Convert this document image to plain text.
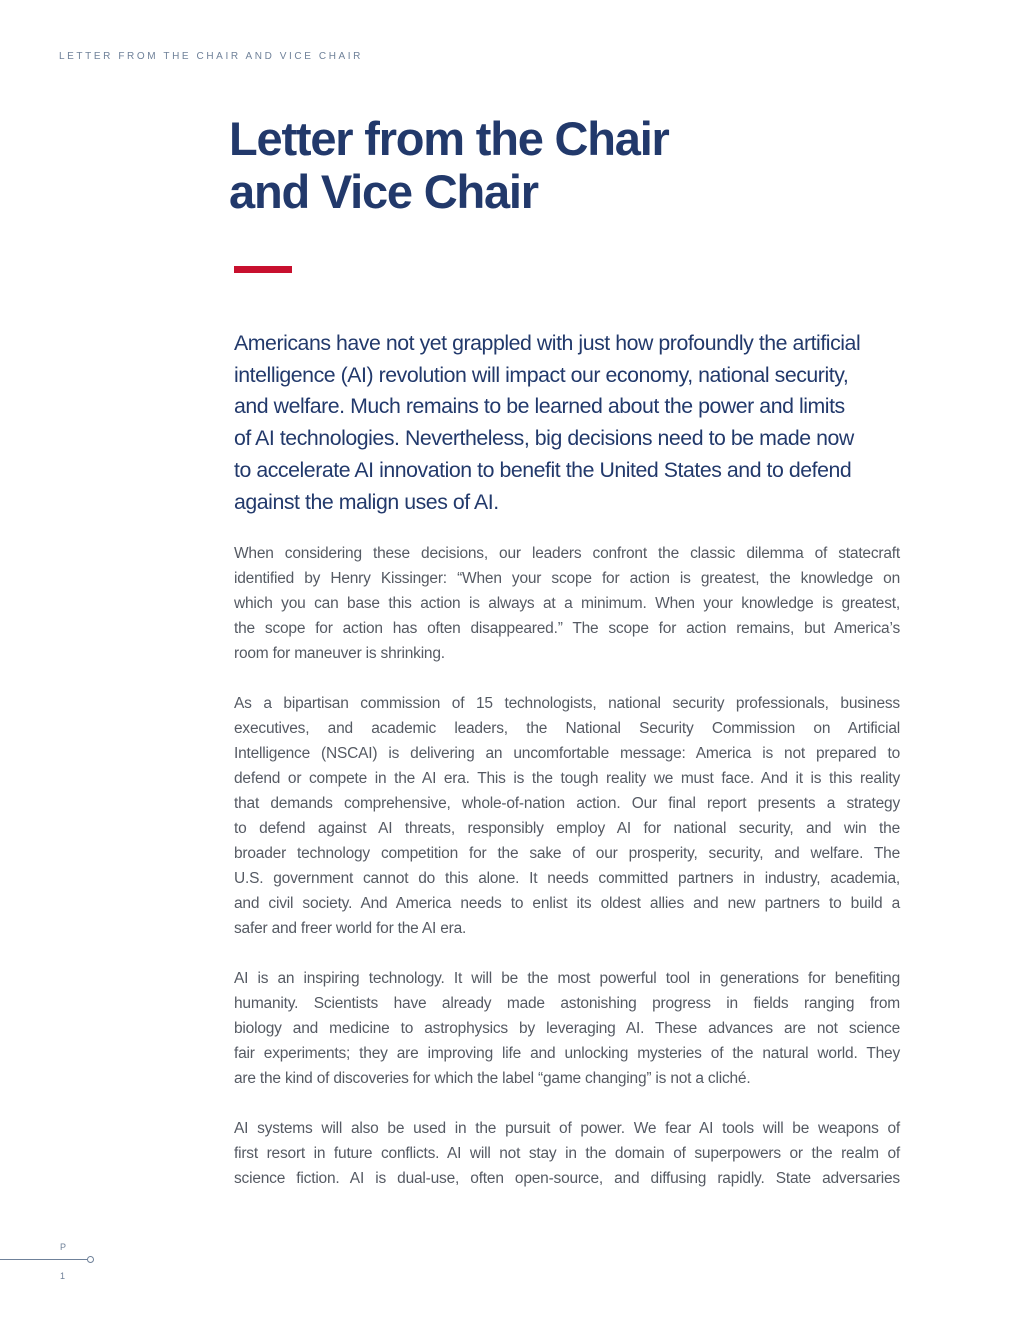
LETTER FROM THE CHAIR AND VICE CHAIR
Letter from the Chair
and Vice Chair

Americans have not yet grappled with just how profoundly the artificial
intelligence (AI) revolution will impact our economy, national security,
and welfare. Much remains to be learned about the power and limits
of AI technologies. Nevertheless, big decisions need to be made now
to accelerate AI innovation to benefit the United States and to defend
against the malign uses of AI.

When considering these decisions, our leaders confront the classic dilemma of statecraft
identified by Henry Kissinger: “When your scope for action is greatest, the knowledge on
which you can base this action is always at a minimum. When your knowledge is greatest,
the scope for action has often disappeared.” The scope for action remains, but America’s
room for maneuver is shrinking.

As a bipartisan commission of 15 technologists, national security professionals, business
executives, and academic leaders, the National Security Commission on Artificial
Intelligence (NSCAI) is delivering an uncomfortable message: America is not prepared to
defend or compete in the AI era. This is the tough reality we must face. And it is this reality
that demands comprehensive, whole-of-nation action. Our final report presents a strategy
to defend against AI threats, responsibly employ AI for national security, and win the
broader technology competition for the sake of our prosperity, security, and welfare. The
U.S. government cannot do this alone. It needs committed partners in industry, academia,
and civil society. And America needs to enlist its oldest allies and new partners to build a
safer and freer world for the AI era.

AI is an inspiring technology. It will be the most powerful tool in generations for benefiting
humanity. Scientists have already made astonishing progress in fields ranging from
biology and medicine to astrophysics by leveraging AI. These advances are not science
fair experiments; they are improving life and unlocking mysteries of the natural world. They
are the kind of discoveries for which the label “game changing” is not a cliché.

AI systems will also be used in the pursuit of power. We fear AI tools will be weapons of
first resort in future conflicts. AI will not stay in the domain of superpowers or the realm of
science fiction. AI is dual-use, often open-source, and diffusing rapidly. State adversaries

P
1
